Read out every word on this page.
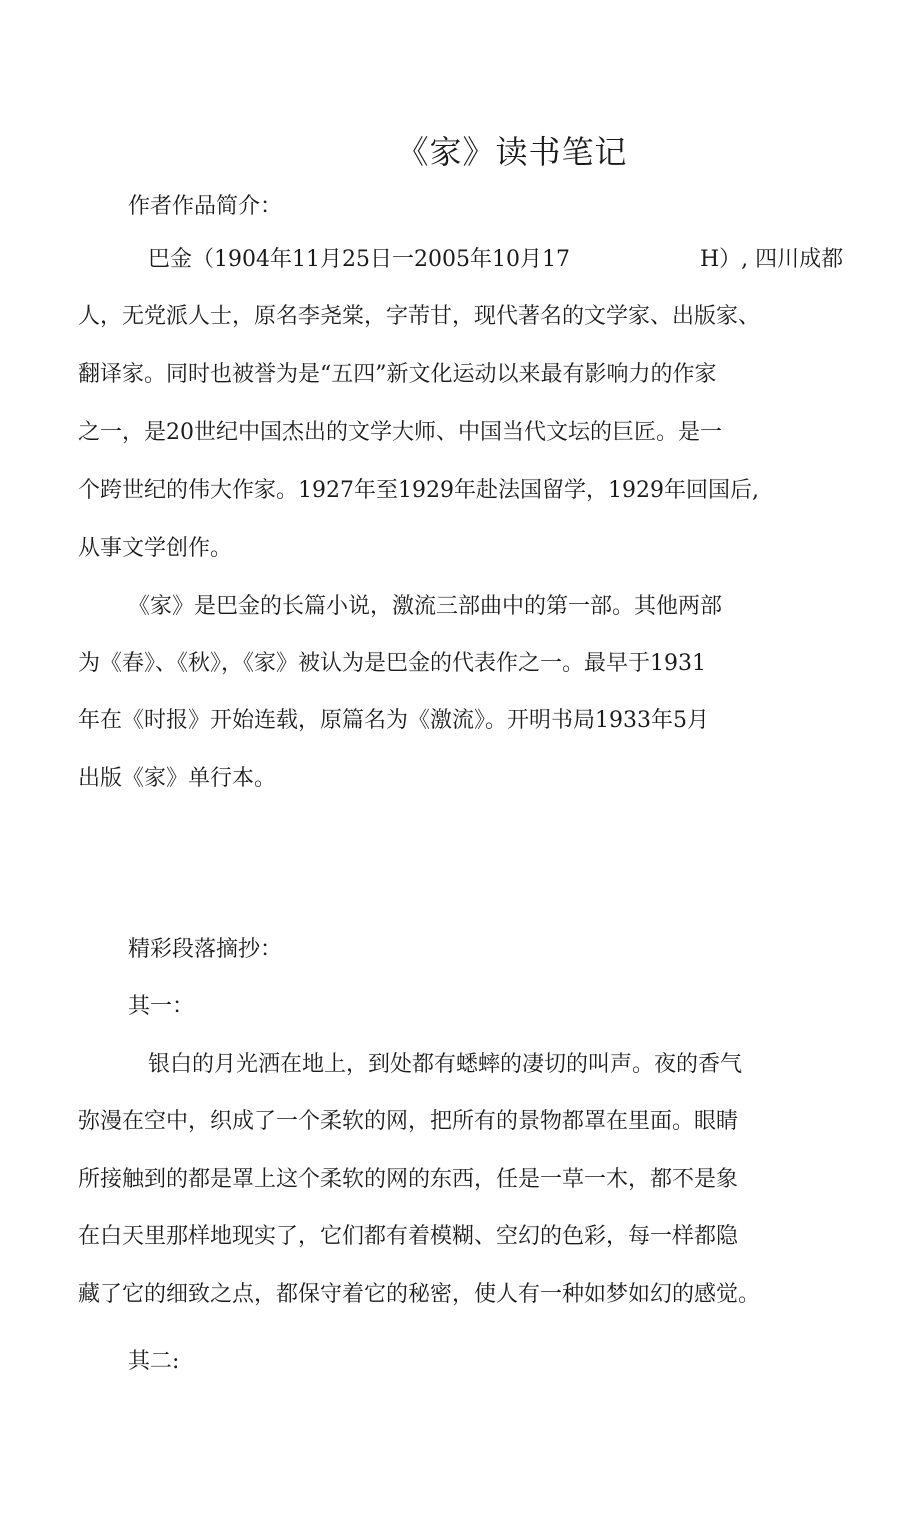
《家》读书笔记
作者作品简介：
巴金（1904年11月25日一2005年10月17	H）, 四川成都
人，无党派人士，原名李尧棠，字芾甘，现代著名的文学家、出版家、
翻译家。同时也被誉为是“五四”新文化运动以来最有影响力的作家
之一，是20世纪中国杰出的文学大师、中国当代文坛的巨匠。是一
个跨世纪的伟大作家。1927年至1929年赴法国留学，1929年回国后,
从事文学创作。
《家》是巴金的长篇小说，激流三部曲中的第一部。其他两部
为《春》、《秋》，《家》被认为是巴金的代表作之一。最早于1931
年在《时报》开始连载，原篇名为《激流》。开明书局1933年5月
出版《家》单行本。
精彩段落摘抄：
其一：
银白的月光洒在地上，到处都有蟋蟀的凄切的叫声。夜的香气
弥漫在空中，织成了一个柔软的网，把所有的景物都罩在里面。眼睛
所接触到的都是罩上这个柔软的网的东西，任是一草一木，都不是象
在白天里那样地现实了，它们都有着模糊、空幻的色彩，每一样都隐
藏了它的细致之点，都保守着它的秘密，使人有一种如梦如幻的感觉。
其二:
